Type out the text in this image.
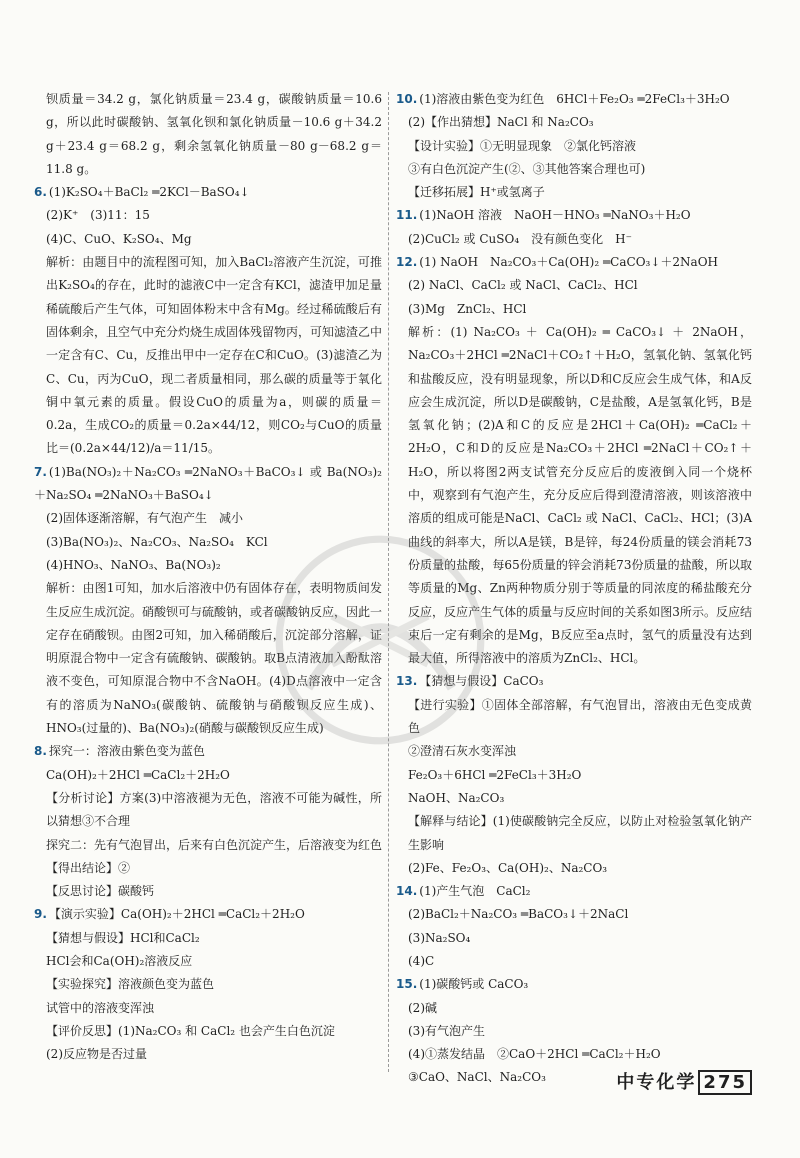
钡质量＝34.2 g，氯化钠质量＝23.4 g，碳酸钠质量＝10.6 g，所以此时碳酸钠、氢氧化钡和氯化钠质量－10.6 g＋34.2 g＋23.4 g＝68.2 g，剩余氢氧化钠质量－80 g－68.2 g＝11.8 g。

6. (1)K₂SO₄＋BaCl₂ ═2KCl－BaSO₄↓

(2)K⁺　(3)11：15

(4)C、CuO、K₂SO₄、Mg

解析：由题目中的流程图可知，加入BaCl₂溶液产生沉淀，可推出K₂SO₄的存在，此时的滤液C中一定含有KCl，滤渣甲加足量稀硫酸后产生气体，可知固体粉末中含有Mg。经过稀硫酸后有固体剩余，且空气中充分灼烧生成固体残留物丙，可知滤渣乙中一定含有C、Cu，反推出甲中一定存在C和CuO。(3)滤渣乙为C、Cu，丙为CuO，现二者质量相同，那么碳的质量等于氧化铜中氧元素的质量。假设CuO的质量为a，则碳的质量＝0.2a，生成CO₂的质量＝0.2a×44/12，则CO₂与CuO的质量比＝(0.2a×44/12)/a＝11/15。

7. (1)Ba(NO₃)₂＋Na₂CO₃ ═2NaNO₃＋BaCO₃↓ 或 Ba(NO₃)₂＋Na₂SO₄ ═2NaNO₃＋BaSO₄↓

(2)固体逐渐溶解，有气泡产生　减小

(3)Ba(NO₃)₂、Na₂CO₃、Na₂SO₄　KCl

(4)HNO₃、NaNO₃、Ba(NO₃)₂

解析：由图1可知，加水后溶液中仍有固体存在，表明物质间发生反应生成沉淀。硝酸钡可与硫酸钠，或者碳酸钠反应，因此一定存在硝酸钡。由图2可知，加入稀硝酸后，沉淀部分溶解，证明原混合物中一定含有硫酸钠、碳酸钠。取B点清液加入酚酞溶液不变色，可知原混合物中不含NaOH。(4)D点溶液中一定含有的溶质为NaNO₃(碳酸钠、硫酸钠与硝酸钡反应生成)、HNO₃(过量的)、Ba(NO₃)₂(硝酸与碳酸钡反应生成)

8. 探究一：溶液由紫色变为蓝色

Ca(OH)₂＋2HCl ═CaCl₂＋2H₂O

【分析讨论】方案(3)中溶液褪为无色，溶液不可能为碱性，所以猜想③不合理

探究二：先有气泡冒出，后来有白色沉淀产生，后溶液变为红色

【得出结论】②

【反思讨论】碳酸钙

9. 【演示实验】Ca(OH)₂＋2HCl ═CaCl₂＋2H₂O

【猜想与假设】HCl和CaCl₂

HCl会和Ca(OH)₂溶液反应

【实验探究】溶液颜色变为蓝色

试管中的溶液变浑浊

【评价反思】(1)Na₂CO₃ 和 CaCl₂ 也会产生白色沉淀

(2)反应物是否过量

10. (1)溶液由紫色变为红色　6HCl＋Fe₂O₃ ═2FeCl₃＋3H₂O

(2)【作出猜想】NaCl 和 Na₂CO₃

【设计实验】①无明显现象　②氯化钙溶液

③有白色沉淀产生(②、③其他答案合理也可)

【迁移拓展】H⁺或氢离子

11. (1)NaOH 溶液　NaOH－HNO₃ ═NaNO₃＋H₂O

(2)CuCl₂ 或 CuSO₄　没有颜色变化　H⁻

12. (1) NaOH　Na₂CO₃＋Ca(OH)₂ ═CaCO₃↓＋2NaOH

(2) NaCl、CaCl₂ 或 NaCl、CaCl₂、HCl

(3)Mg　ZnCl₂、HCl

解析：(1) Na₂CO₃ ＋ Ca(OH)₂ ═ CaCO₃↓ ＋ 2NaOH，Na₂CO₃＋2HCl ═2NaCl＋CO₂↑＋H₂O，氢氧化钠、氢氧化钙和盐酸反应，没有明显现象，所以D和C反应会生成气体，和A反应会生成沉淀，所以D是碳酸钠，C是盐酸，A是氢氧化钙，B是氢氧化钠；(2)A和C的反应是2HCl＋Ca(OH)₂ ═CaCl₂＋2H₂O，C和D的反应是Na₂CO₃＋2HCl ═2NaCl＋CO₂↑＋H₂O，所以将图2两支试管充分反应后的废液倒入同一个烧杯中，观察到有气泡产生，充分反应后得到澄清溶液，则该溶液中溶质的组成可能是NaCl、CaCl₂ 或 NaCl、CaCl₂、HCl；(3)A曲线的斜率大，所以A是镁，B是锌，每24份质量的镁会消耗73份质量的盐酸，每65份质量的锌会消耗73份质量的盐酸，所以取等质量的Mg、Zn两种物质分别于等质量的同浓度的稀盐酸充分反应，反应产生气体的质量与反应时间的关系如图3所示。反应结束后一定有剩余的是Mg，B反应至a点时，氢气的质量没有达到最大值，所得溶液中的溶质为ZnCl₂、HCl。

13. 【猜想与假设】CaCO₃

【进行实验】①固体全部溶解，有气泡冒出，溶液由无色变成黄色

②澄清石灰水变浑浊

Fe₂O₃＋6HCl ═2FeCl₃＋3H₂O

NaOH、Na₂CO₃

【解释与结论】(1)使碳酸钠完全反应，以防止对检验氢氧化钠产生影响

(2)Fe、Fe₂O₃、Ca(OH)₂、Na₂CO₃

14. (1)产生气泡　CaCl₂

(2)BaCl₂＋Na₂CO₃ ═BaCO₃↓＋2NaCl

(3)Na₂SO₄

(4)C

15. (1)碳酸钙或 CaCO₃

(2)碱

(3)有气泡产生

(4)①蒸发结晶　②CaO＋2HCl ═CaCl₂＋H₂O

③CaO、NaCl、Na₂CO₃	中专化学 275
